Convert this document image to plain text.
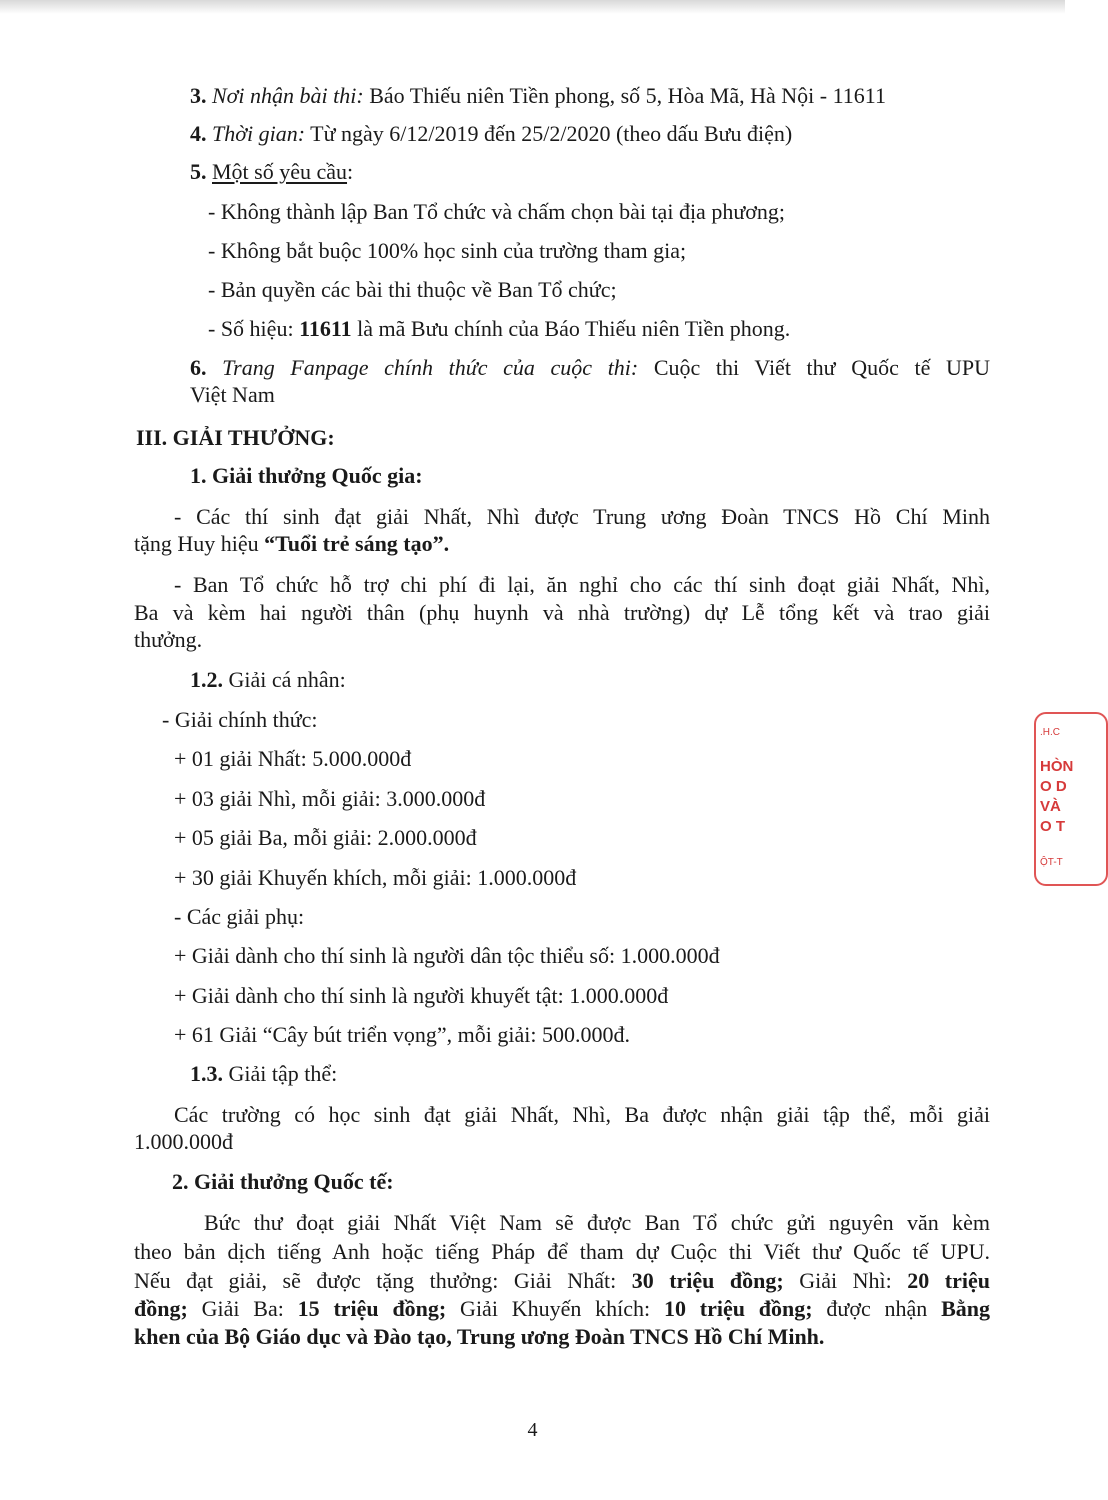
3. Nơi nhận bài thi: Báo Thiếu niên Tiền phong, số 5, Hòa Mã, Hà Nội - 11611
4. Thời gian: Từ ngày 6/12/2019 đến 25/2/2020 (theo dấu Bưu điện)
5. Một số yêu cầu:
- Không thành lập Ban Tổ chức và chấm chọn bài tại địa phương;
- Không bắt buộc 100% học sinh của trường tham gia;
- Bản quyền các bài thi thuộc về Ban Tổ chức;
- Số hiệu: 11611 là mã Bưu chính của Báo Thiếu niên Tiền phong.
6. Trang Fanpage chính thức của cuộc thi: Cuộc thi Viết thư Quốc tế UPU
Việt Nam
III. GIẢI THƯỞNG:
1. Giải thưởng Quốc gia:
- Các thí sinh đạt giải Nhất, Nhì được Trung ương Đoàn TNCS Hồ Chí Minh
tặng Huy hiệu “Tuổi trẻ sáng tạo”.
- Ban Tổ chức hỗ trợ chi phí đi lại, ăn nghỉ cho các thí sinh đoạt giải Nhất, Nhì,
Ba và kèm hai người thân (phụ huynh và nhà trường) dự Lễ tổng kết và trao giải
thưởng.
1.2. Giải cá nhân:
- Giải chính thức:
+ 01 giải Nhất: 5.000.000đ
+ 03 giải Nhì, mỗi giải: 3.000.000đ
+ 05 giải Ba, mỗi giải: 2.000.000đ
+ 30 giải Khuyến khích, mỗi giải: 1.000.000đ
- Các giải phụ:
+ Giải dành cho thí sinh là người dân tộc thiểu số: 1.000.000đ
+ Giải dành cho thí sinh là người khuyết tật: 1.000.000đ
+ 61 Giải “Cây bút triển vọng”, mỗi giải: 500.000đ.
1.3. Giải tập thể:
Các trường có học sinh đạt giải Nhất, Nhì, Ba được nhận giải tập thể, mỗi giải
1.000.000đ
2. Giải thưởng Quốc tế:
Bức thư đoạt giải Nhất Việt Nam sẽ được Ban Tổ chức gửi nguyên văn kèm
theo bản dịch tiếng Anh hoặc tiếng Pháp để tham dự Cuộc thi Viết thư Quốc tế UPU.
Nếu đạt giải, sẽ được tặng thưởng: Giải Nhất: 30 triệu đồng; Giải Nhì: 20 triệu
đồng; Giải Ba: 15 triệu đồng; Giải Khuyến khích: 10 triệu đồng; được nhận Bằng
khen của Bộ Giáo dục và Đào tạo, Trung ương Đoàn TNCS Hồ Chí Minh.
.H.C
HÒN
O D
VÀ
O T
ỘT-T
4
